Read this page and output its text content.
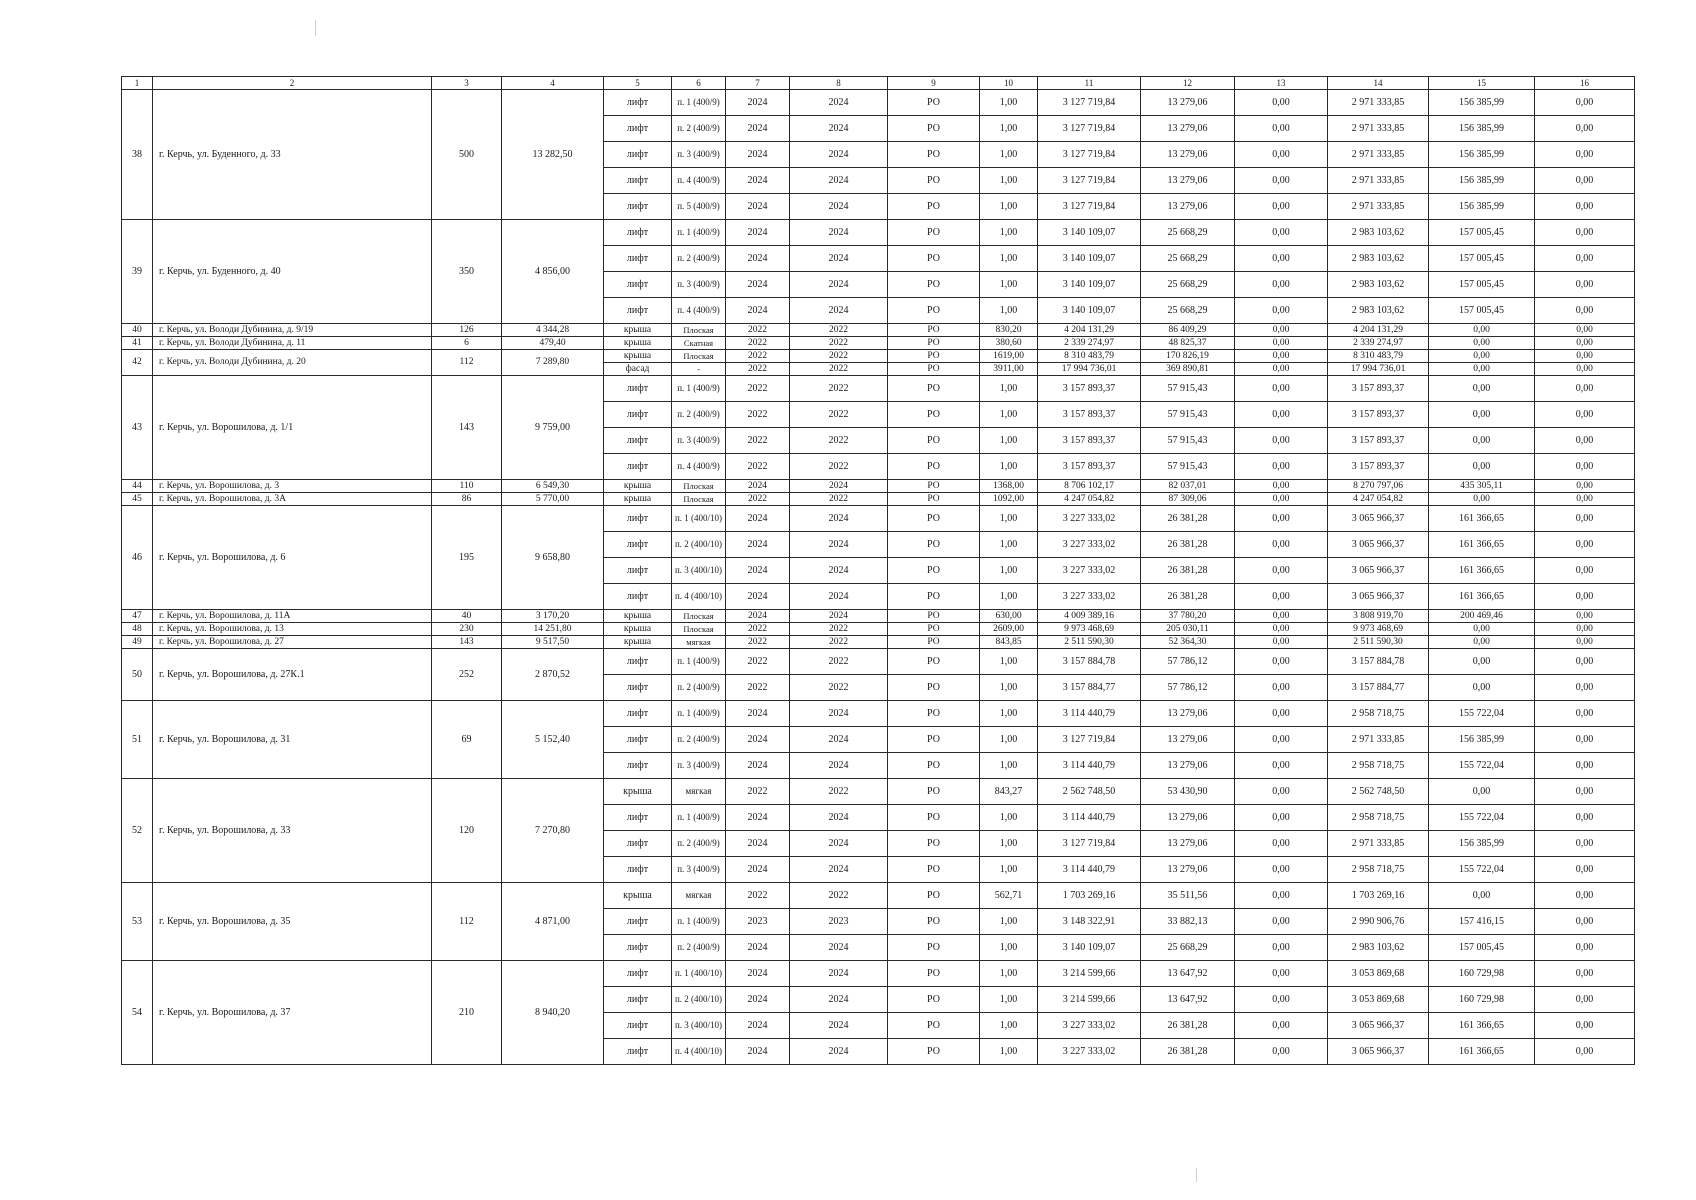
1	2	3	4	5	6	7	8	9	10	11	12	13	14	15	16
38	г. Керчь, ул. Буденного, д. 33	500	13 282,50	лифт	п. 1 (400/9)	2024	2024	РО	1,00	3 127 719,84	13 279,06	0,00	2 971 333,85	156 385,99	0,00
				лифт	п. 2 (400/9)	2024	2024	РО	1,00	3 127 719,84	13 279,06	0,00	2 971 333,85	156 385,99	0,00
				лифт	п. 3 (400/9)	2024	2024	РО	1,00	3 127 719,84	13 279,06	0,00	2 971 333,85	156 385,99	0,00
				лифт	п. 4 (400/9)	2024	2024	РО	1,00	3 127 719,84	13 279,06	0,00	2 971 333,85	156 385,99	0,00
				лифт	п. 5 (400/9)	2024	2024	РО	1,00	3 127 719,84	13 279,06	0,00	2 971 333,85	156 385,99	0,00
39	г. Керчь, ул. Буденного, д. 40	350	4 856,00	лифт	п. 1 (400/9)	2024	2024	РО	1,00	3 140 109,07	25 668,29	0,00	2 983 103,62	157 005,45	0,00
				лифт	п. 2 (400/9)	2024	2024	РО	1,00	3 140 109,07	25 668,29	0,00	2 983 103,62	157 005,45	0,00
				лифт	п. 3 (400/9)	2024	2024	РО	1,00	3 140 109,07	25 668,29	0,00	2 983 103,62	157 005,45	0,00
				лифт	п. 4 (400/9)	2024	2024	РО	1,00	3 140 109,07	25 668,29	0,00	2 983 103,62	157 005,45	0,00
40	г. Керчь, ул. Володи Дубинина, д. 9/19	126	4 344,28	крыша	Плоская	2022	2022	РО	830,20	4 204 131,29	86 409,29	0,00	4 204 131,29	0,00	0,00
41	г. Керчь, ул. Володи Дубинина, д. 11	6	479,40	крыша	Скатная	2022	2022	РО	380,60	2 339 274,97	48 825,37	0,00	2 339 274,97	0,00	0,00
42	г. Керчь, ул. Володи Дубинина, д. 20	112	7 289,80	крыша	Плоская	2022	2022	РО	1619,00	8 310 483,79	170 826,19	0,00	8 310 483,79	0,00	0,00
				фасад	-	2022	2022	РО	3911,00	17 994 736,01	369 890,81	0,00	17 994 736,01	0,00	0,00
43	г. Керчь, ул. Ворошилова, д. 1/1	143	9 759,00	лифт	п. 1 (400/9)	2022	2022	РО	1,00	3 157 893,37	57 915,43	0,00	3 157 893,37	0,00	0,00
				лифт	п. 2 (400/9)	2022	2022	РО	1,00	3 157 893,37	57 915,43	0,00	3 157 893,37	0,00	0,00
				лифт	п. 3 (400/9)	2022	2022	РО	1,00	3 157 893,37	57 915,43	0,00	3 157 893,37	0,00	0,00
				лифт	п. 4 (400/9)	2022	2022	РО	1,00	3 157 893,37	57 915,43	0,00	3 157 893,37	0,00	0,00
44	г. Керчь, ул. Ворошилова, д. 3	110	6 549,30	крыша	Плоская	2024	2024	РО	1368,00	8 706 102,17	82 037,01	0,00	8 270 797,06	435 305,11	0,00
45	г. Керчь, ул. Ворошилова, д. 3А	86	5 770,00	крыша	Плоская	2022	2022	РО	1092,00	4 247 054,82	87 309,06	0,00	4 247 054,82	0,00	0,00
46	г. Керчь, ул. Ворошилова, д. 6	195	9 658,80	лифт	п. 1 (400/10)	2024	2024	РО	1,00	3 227 333,02	26 381,28	0,00	3 065 966,37	161 366,65	0,00
				лифт	п. 2 (400/10)	2024	2024	РО	1,00	3 227 333,02	26 381,28	0,00	3 065 966,37	161 366,65	0,00
				лифт	п. 3 (400/10)	2024	2024	РО	1,00	3 227 333,02	26 381,28	0,00	3 065 966,37	161 366,65	0,00
				лифт	п. 4 (400/10)	2024	2024	РО	1,00	3 227 333,02	26 381,28	0,00	3 065 966,37	161 366,65	0,00
47	г. Керчь, ул. Ворошилова, д. 11А	40	3 170,20	крыша	Плоская	2024	2024	РО	630,00	4 009 389,16	37 780,20	0,00	3 808 919,70	200 469,46	0,00
48	г. Керчь, ул. Ворошилова, д. 13	230	14 251,80	крыша	Плоская	2022	2022	РО	2609,00	9 973 468,69	205 030,11	0,00	9 973 468,69	0,00	0,00
49	г. Керчь, ул. Ворошилова, д. 27	143	9 517,50	крыша	мягкая	2022	2022	РО	843,85	2 511 590,30	52 364,30	0,00	2 511 590,30	0,00	0,00
50	г. Керчь, ул. Ворошилова, д. 27К.1	252	2 870,52	лифт	п. 1 (400/9)	2022	2022	РО	1,00	3 157 884,78	57 786,12	0,00	3 157 884,78	0,00	0,00
				лифт	п. 2 (400/9)	2022	2022	РО	1,00	3 157 884,77	57 786,12	0,00	3 157 884,77	0,00	0,00
51	г. Керчь, ул. Ворошилова, д. 31	69	5 152,40	лифт	п. 1 (400/9)	2024	2024	РО	1,00	3 114 440,79	13 279,06	0,00	2 958 718,75	155 722,04	0,00
				лифт	п. 2 (400/9)	2024	2024	РО	1,00	3 127 719,84	13 279,06	0,00	2 971 333,85	156 385,99	0,00
				лифт	п. 3 (400/9)	2024	2024	РО	1,00	3 114 440,79	13 279,06	0,00	2 958 718,75	155 722,04	0,00
52	г. Керчь, ул. Ворошилова, д. 33	120	7 270,80	крыша	мягкая	2022	2022	РО	843,27	2 562 748,50	53 430,90	0,00	2 562 748,50	0,00	0,00
				лифт	п. 1 (400/9)	2024	2024	РО	1,00	3 114 440,79	13 279,06	0,00	2 958 718,75	155 722,04	0,00
				лифт	п. 2 (400/9)	2024	2024	РО	1,00	3 127 719,84	13 279,06	0,00	2 971 333,85	156 385,99	0,00
				лифт	п. 3 (400/9)	2024	2024	РО	1,00	3 114 440,79	13 279,06	0,00	2 958 718,75	155 722,04	0,00
53	г. Керчь, ул. Ворошилова, д. 35	112	4 871,00	крыша	мягкая	2022	2022	РО	562,71	1 703 269,16	35 511,56	0,00	1 703 269,16	0,00	0,00
				лифт	п. 1 (400/9)	2023	2023	РО	1,00	3 148 322,91	33 882,13	0,00	2 990 906,76	157 416,15	0,00
				лифт	п. 2 (400/9)	2024	2024	РО	1,00	3 140 109,07	25 668,29	0,00	2 983 103,62	157 005,45	0,00
54	г. Керчь, ул. Ворошилова, д. 37	210	8 940,20	лифт	п. 1 (400/10)	2024	2024	РО	1,00	3 214 599,66	13 647,92	0,00	3 053 869,68	160 729,98	0,00
				лифт	п. 2 (400/10)	2024	2024	РО	1,00	3 214 599,66	13 647,92	0,00	3 053 869,68	160 729,98	0,00
				лифт	п. 3 (400/10)	2024	2024	РО	1,00	3 227 333,02	26 381,28	0,00	3 065 966,37	161 366,65	0,00
				лифт	п. 4 (400/10)	2024	2024	РО	1,00	3 227 333,02	26 381,28	0,00	3 065 966,37	161 366,65	0,00
